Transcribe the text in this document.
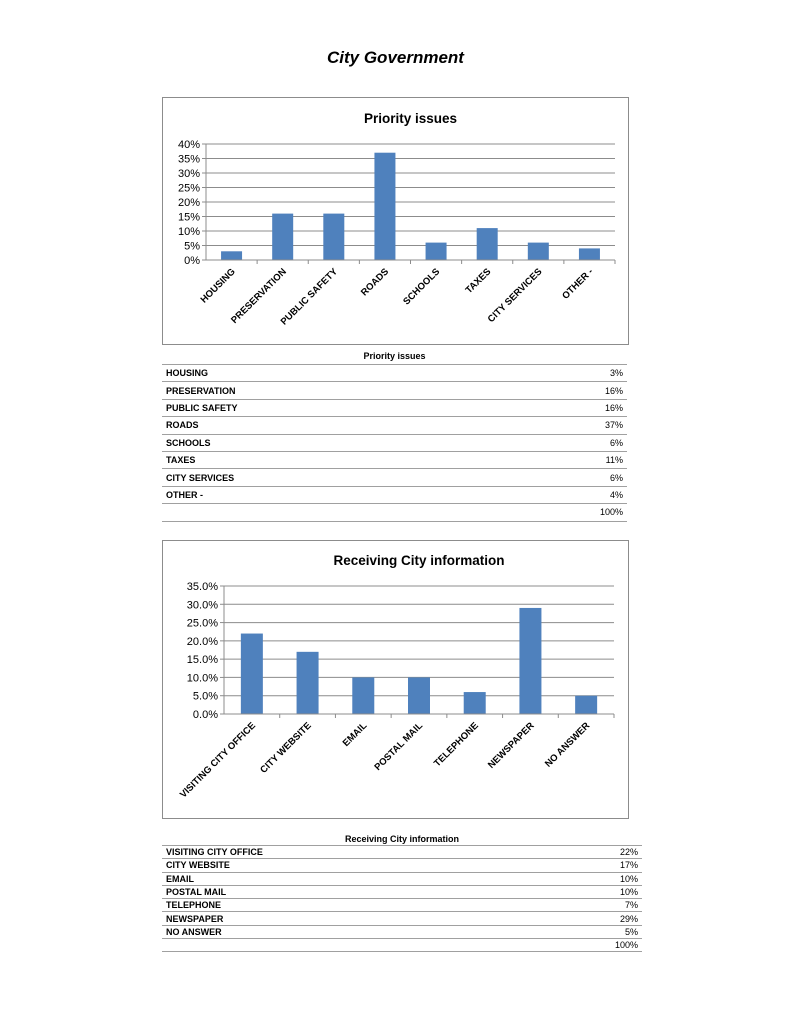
City Government
Priority issues
0%
5%
10%
15%
20%
25%
30%
35%
40%
HOUSING
PRESERVATION
PUBLIC SAFETY ROADS SCHOOLS TAXES
CITY SERVICES OTHER -
Priority issues	
HOUSING	3%
PRESERVATION	16%
PUBLIC SAFETY	16%
ROADS	37%
SCHOOLS	6%
TAXES	11%
CITY SERVICES	6%
OTHER -	4%
	100%
Receiving City information
0.0%
5.0%
10.0%
15.0%
20.0%
25.0%
30.0%
35.0%
VISITING CITY OFFICE CITY WEBSITE	EMAIL POSTAL MAIL TELEPHONE NEWSPAPER NO ANSWER
Receiving City information	
VISITING CITY OFFICE	22%
CITY WEBSITE	17%
EMAIL	10%
POSTAL MAIL	10%
TELEPHONE	7%
NEWSPAPER	29%
NO ANSWER	5%
	100%
